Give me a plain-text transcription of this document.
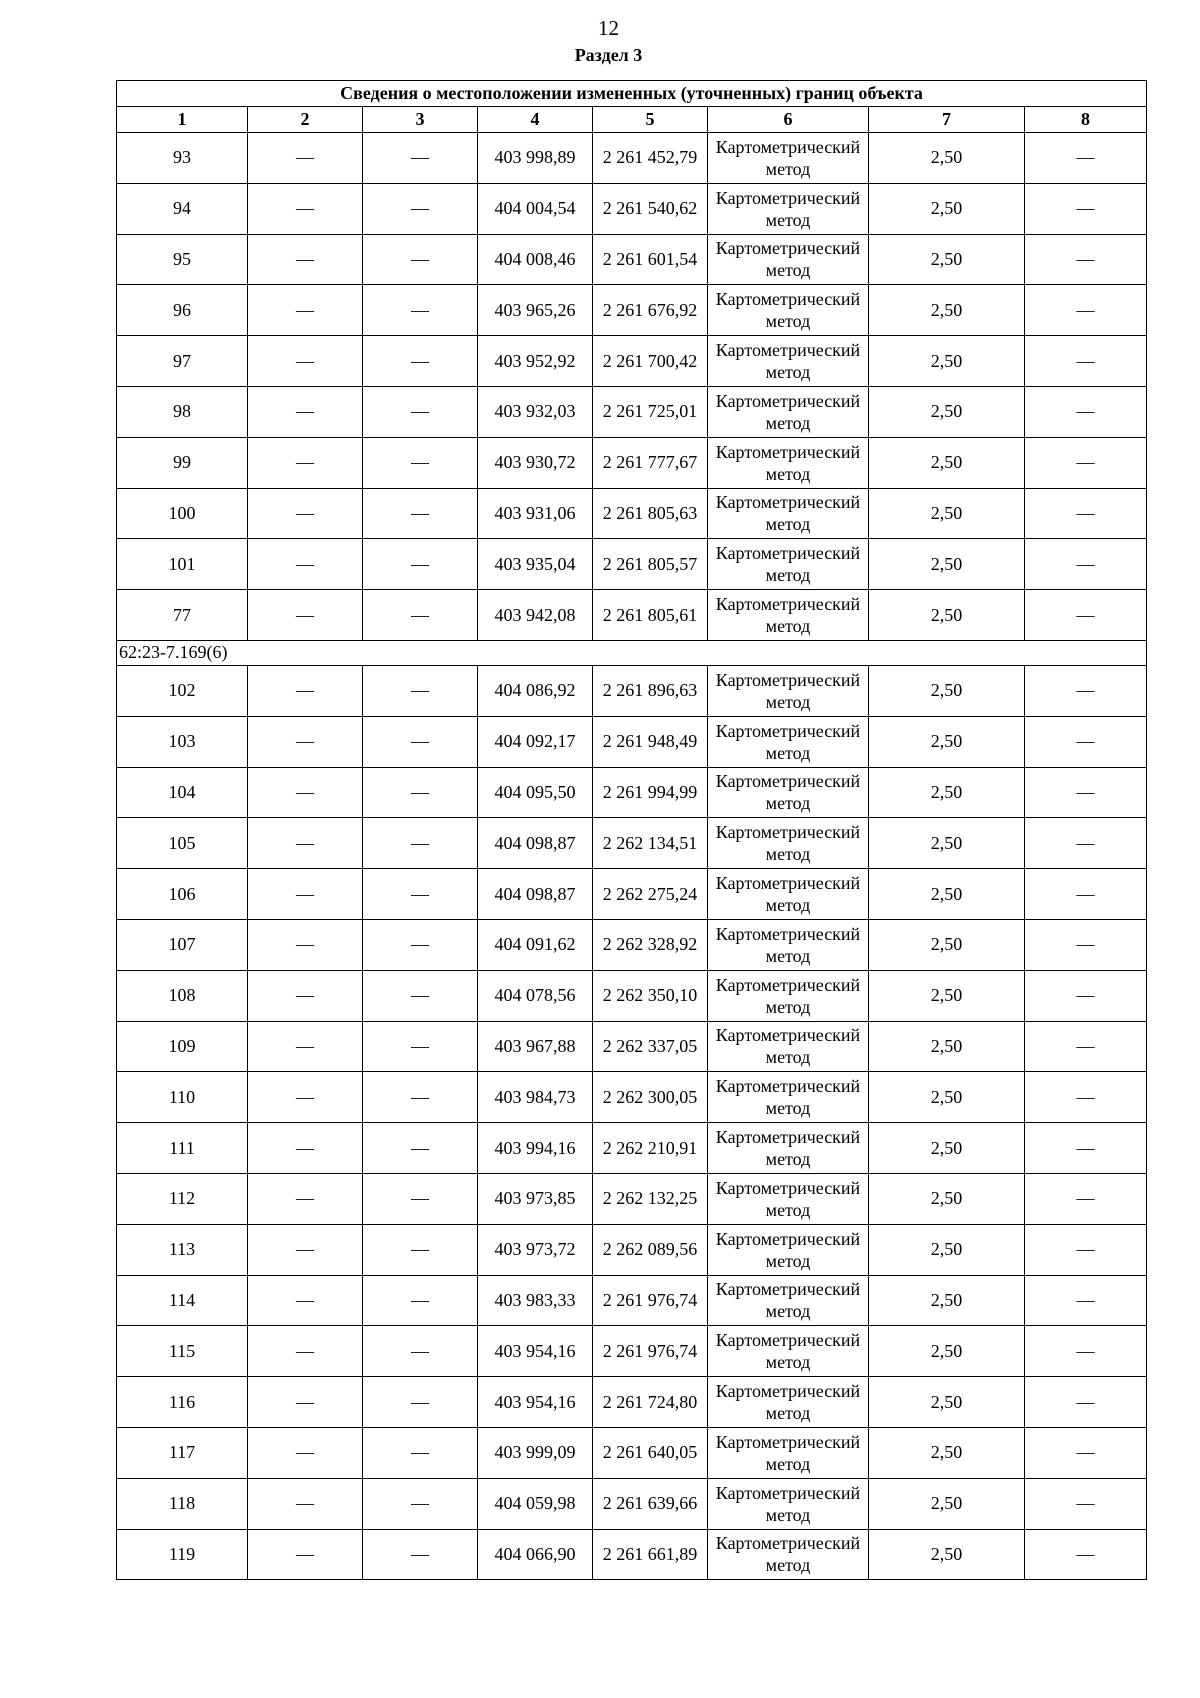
12
Раздел 3
Сведения о местоположении измененных (уточненных) границ объекта							
1	2	3	4	5	6	7	8
93	—	—	403 998,89	2 261 452,79	Картометрический метод	2,50	—
94	—	—	404 004,54	2 261 540,62	Картометрический метод	2,50	—
95	—	—	404 008,46	2 261 601,54	Картометрический метод	2,50	—
96	—	—	403 965,26	2 261 676,92	Картометрический метод	2,50	—
97	—	—	403 952,92	2 261 700,42	Картометрический метод	2,50	—
98	—	—	403 932,03	2 261 725,01	Картометрический метод	2,50	—
99	—	—	403 930,72	2 261 777,67	Картометрический метод	2,50	—
100	—	—	403 931,06	2 261 805,63	Картометрический метод	2,50	—
101	—	—	403 935,04	2 261 805,57	Картометрический метод	2,50	—
77	—	—	403 942,08	2 261 805,61	Картометрический метод	2,50	—
62:23-7.169(6)							
102	—	—	404 086,92	2 261 896,63	Картометрический метод	2,50	—
103	—	—	404 092,17	2 261 948,49	Картометрический метод	2,50	—
104	—	—	404 095,50	2 261 994,99	Картометрический метод	2,50	—
105	—	—	404 098,87	2 262 134,51	Картометрический метод	2,50	—
106	—	—	404 098,87	2 262 275,24	Картометрический метод	2,50	—
107	—	—	404 091,62	2 262 328,92	Картометрический метод	2,50	—
108	—	—	404 078,56	2 262 350,10	Картометрический метод	2,50	—
109	—	—	403 967,88	2 262 337,05	Картометрический метод	2,50	—
110	—	—	403 984,73	2 262 300,05	Картометрический метод	2,50	—
111	—	—	403 994,16	2 262 210,91	Картометрический метод	2,50	—
112	—	—	403 973,85	2 262 132,25	Картометрический метод	2,50	—
113	—	—	403 973,72	2 262 089,56	Картометрический метод	2,50	—
114	—	—	403 983,33	2 261 976,74	Картометрический метод	2,50	—
115	—	—	403 954,16	2 261 976,74	Картометрический метод	2,50	—
116	—	—	403 954,16	2 261 724,80	Картометрический метод	2,50	—
117	—	—	403 999,09	2 261 640,05	Картометрический метод	2,50	—
118	—	—	404 059,98	2 261 639,66	Картометрический метод	2,50	—
119	—	—	404 066,90	2 261 661,89	Картометрический метод	2,50	—
